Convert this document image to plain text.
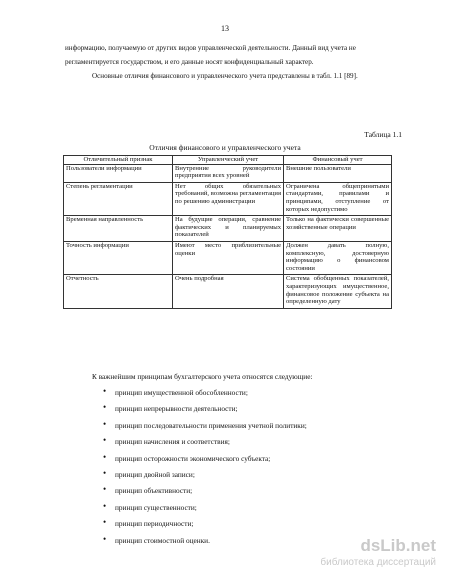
13
информацию, получаемую от других видов управленческой деятельности. Данный вид учета не
регламентируется государством, и его данные носят конфиденциальный характер.
Основные отличия финансового и управленческого учета представлены в табл. 1.1 [89].
Таблица 1.1
Отличия финансового и управленческого учета
Отличительный признак	Управленческий учет	Финансовый учет
Пользователи информации	Внутренние руководители предприятия всех уровней	Внешние пользователи
Степень регламентации	Нет общих обязательных требований, возможна регламентация по решению администрации	Ограничена общепринятыми стандартами, правилами и принципами, отступление от которых недопустимо
Временная направленность	На будущие операции, сравнение фактических и планируемых показателей	Только на фактически совершенные хозяйственные операции
Точность информации	Имеют место приблизительные оценки	Должен давать полную, комплексную, достоверную информацию о финансовом состоянии
Отчетность	Очень подробная	Система обобщенных показателей, характеризующих имущественное, финансовое положение субъекта на определенную дату
К важнейшим принципам бухгалтерского учета относятся следующие:
• принцип имущественной обособленности;
• принцип непрерывности деятельности;
• принцип последовательности применения учетной политики;
• принцип начисления и соответствия;
• принцип осторожности экономического субъекта;
• принцип двойной записи;
• принцип объективности;
• принцип существенности;
• принцип периодичности;
• принцип стоимостной оценки.	dsLib.net
библиотека диссертаций
